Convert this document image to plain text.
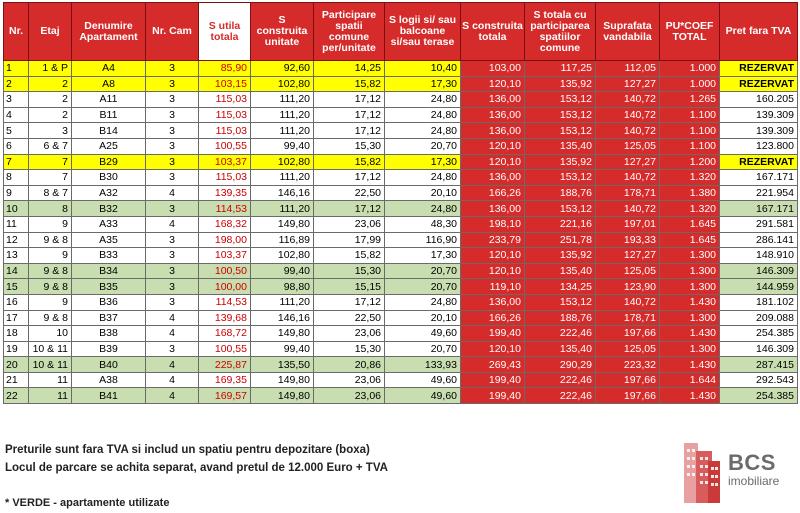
Nr.	Etaj	Denumire Apartament	Nr. Cam	S utila totala	S construita unitate	Participare spatii comune per/unitate	S logii si/ sau balcoane si/sau terase	S construita totala	S totala cu participarea spatiilor comune	Suprafata vandabila	PU*COEF TOTAL	Pret fara TVA
1	1 & P	A4	3	85,90	92,60	14,25	10,40	103,00	117,25	112,05	1.000	REZERVAT
2	2	A8	3	103,15	102,80	15,82	17,30	120,10	135,92	127,27	1.000	REZERVAT
3	2	A11	3	115,03	111,20	17,12	24,80	136,00	153,12	140,72	1.265	160.205
4	2	B11	3	115,03	111,20	17,12	24,80	136,00	153,12	140,72	1.100	139.309
5	3	B14	3	115,03	111,20	17,12	24,80	136,00	153,12	140,72	1.100	139.309
6	6 & 7	A25	3	100,55	99,40	15,30	20,70	120,10	135,40	125,05	1.100	123.800
7	7	B29	3	103,37	102,80	15,82	17,30	120,10	135,92	127,27	1.200	REZERVAT
8	7	B30	3	115,03	111,20	17,12	24,80	136,00	153,12	140,72	1.320	167.171
9	8 & 7	A32	4	139,35	146,16	22,50	20,10	166,26	188,76	178,71	1.380	221.954
10	8	B32	3	114,53	111,20	17,12	24,80	136,00	153,12	140,72	1.320	167.171
11	9	A33	4	168,32	149,80	23,06	48,30	198,10	221,16	197,01	1.645	291.581
12	9 & 8	A35	3	198,00	116,89	17,99	116,90	233,79	251,78	193,33	1.645	286.141
13	9	B33	3	103,37	102,80	15,82	17,30	120,10	135,92	127,27	1.300	148.910
14	9 & 8	B34	3	100,50	99,40	15,30	20,70	120,10	135,40	125,05	1.300	146.309
15	9 & 8	B35	3	100,00	98,80	15,15	20,70	119,10	134,25	123,90	1.300	144.959
16	9	B36	3	114,53	111,20	17,12	24,80	136,00	153,12	140,72	1.430	181.102
17	9 & 8	B37	4	139,68	146,16	22,50	20,10	166,26	188,76	178,71	1.300	209.088
18	10	B38	4	168,72	149,80	23,06	49,60	199,40	222,46	197,66	1.430	254.385
19	10 & 11	B39	3	100,55	99,40	15,30	20,70	120,10	135,40	125,05	1.300	146.309
20	10 & 11	B40	4	225,87	135,50	20,86	133,93	269,43	290,29	223,32	1.430	287.415
21	11	A38	4	169,35	149,80	23,06	49,60	199,40	222,46	197,66	1.644	292.543
22	11	B41	4	169,57	149,80	23,06	49,60	199,40	222,46	197,66	1.430	254.385

Preturile sunt fara TVA si includ un spatiu pentru depozitare (boxa)

Locul de parcare se achita separat, avand pretul de 12.000 Euro + TVA

* VERDE - apartamente utilizate
BCS
imobiliare
